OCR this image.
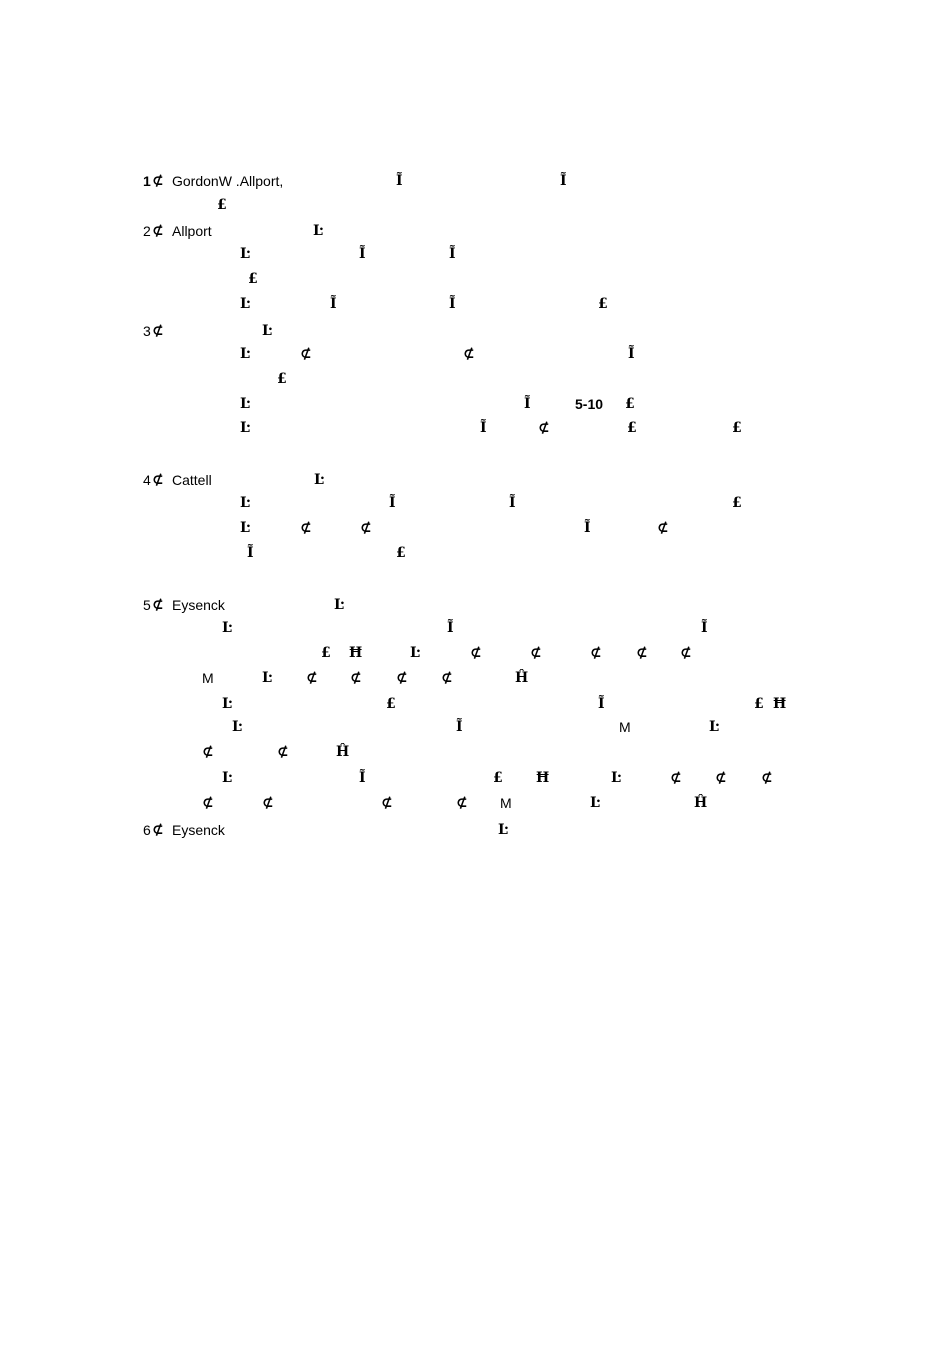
1 ⊄ GordonW .Allport,	Ĩ	Ĩ
£
2 ⊄ Allport	Ŀ
Ŀ	Ĩ	Ĩ
£
Ŀ	Ĩ	Ĩ	£
3 ⊄	Ŀ
Ŀ	⊄	⊄	Ĩ
£
Ŀ	Ĩ	5-10 £
Ŀ	Ĩ	⊄	£	£
4 ⊄ Cattell	Ŀ
Ŀ	Ĩ	Ĩ	£
Ŀ	⊄	⊄	Ĩ	⊄
Ĩ	£
5 ⊄ Eysenck	Ŀ
Ŀ	Ĩ	Ĩ
£ Ħ	Ŀ	⊄	⊄	⊄ ⊄ ⊄
M	Ŀ ⊄ ⊄ ⊄ ⊄	Ĥ
Ŀ	£	Ĩ	£ Ħ
Ŀ	Ĩ	M	Ŀ
⊄	⊄	Ĥ
Ŀ	Ĩ	£ Ħ	Ŀ	⊄ ⊄ ⊄
⊄	⊄	⊄	⊄ M	Ŀ	Ĥ
6 ⊄ Eysenck	Ŀ
